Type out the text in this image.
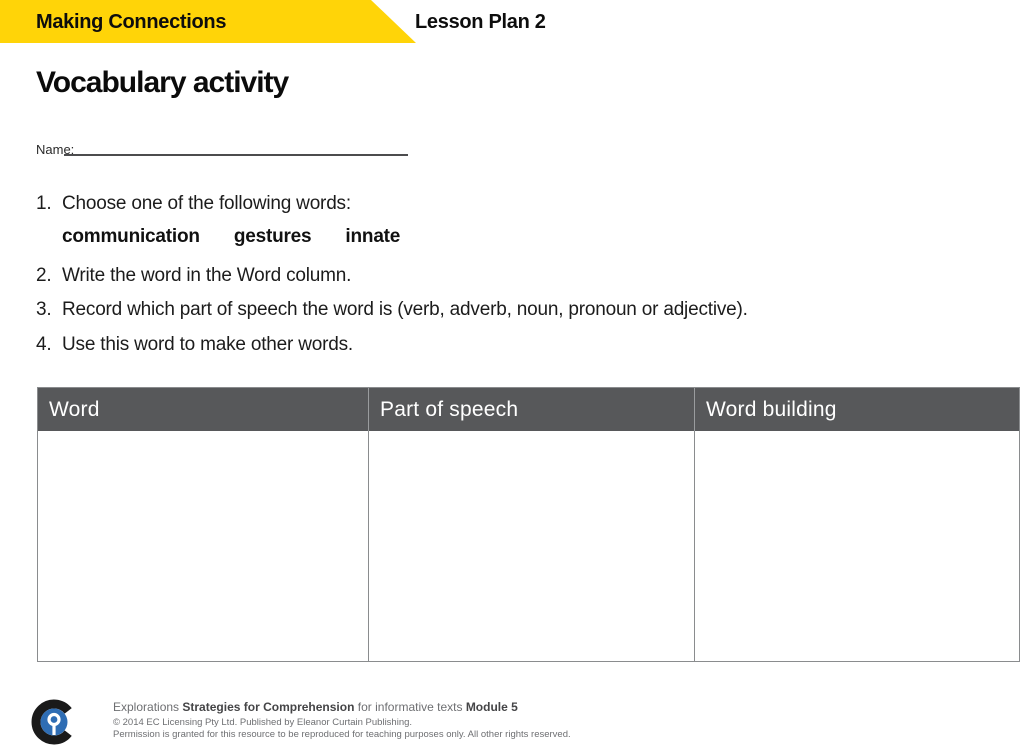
Making Connections	Lesson Plan 2
Vocabulary activity
Name:
1. Choose one of the following words:
communication gestures innate
2. Write the word in the Word column.
3. Record which part of speech the word is (verb, adverb, noun, pronoun or adjective).
4. Use this word to make other words.
Word	Part of speech	Word building
Explorations Strategies for Comprehension for informative texts Module 5
© 2014 EC Licensing Pty Ltd. Published by Eleanor Curtain Publishing.
Permission is granted for this resource to be reproduced for teaching purposes only. All other rights reserved.
